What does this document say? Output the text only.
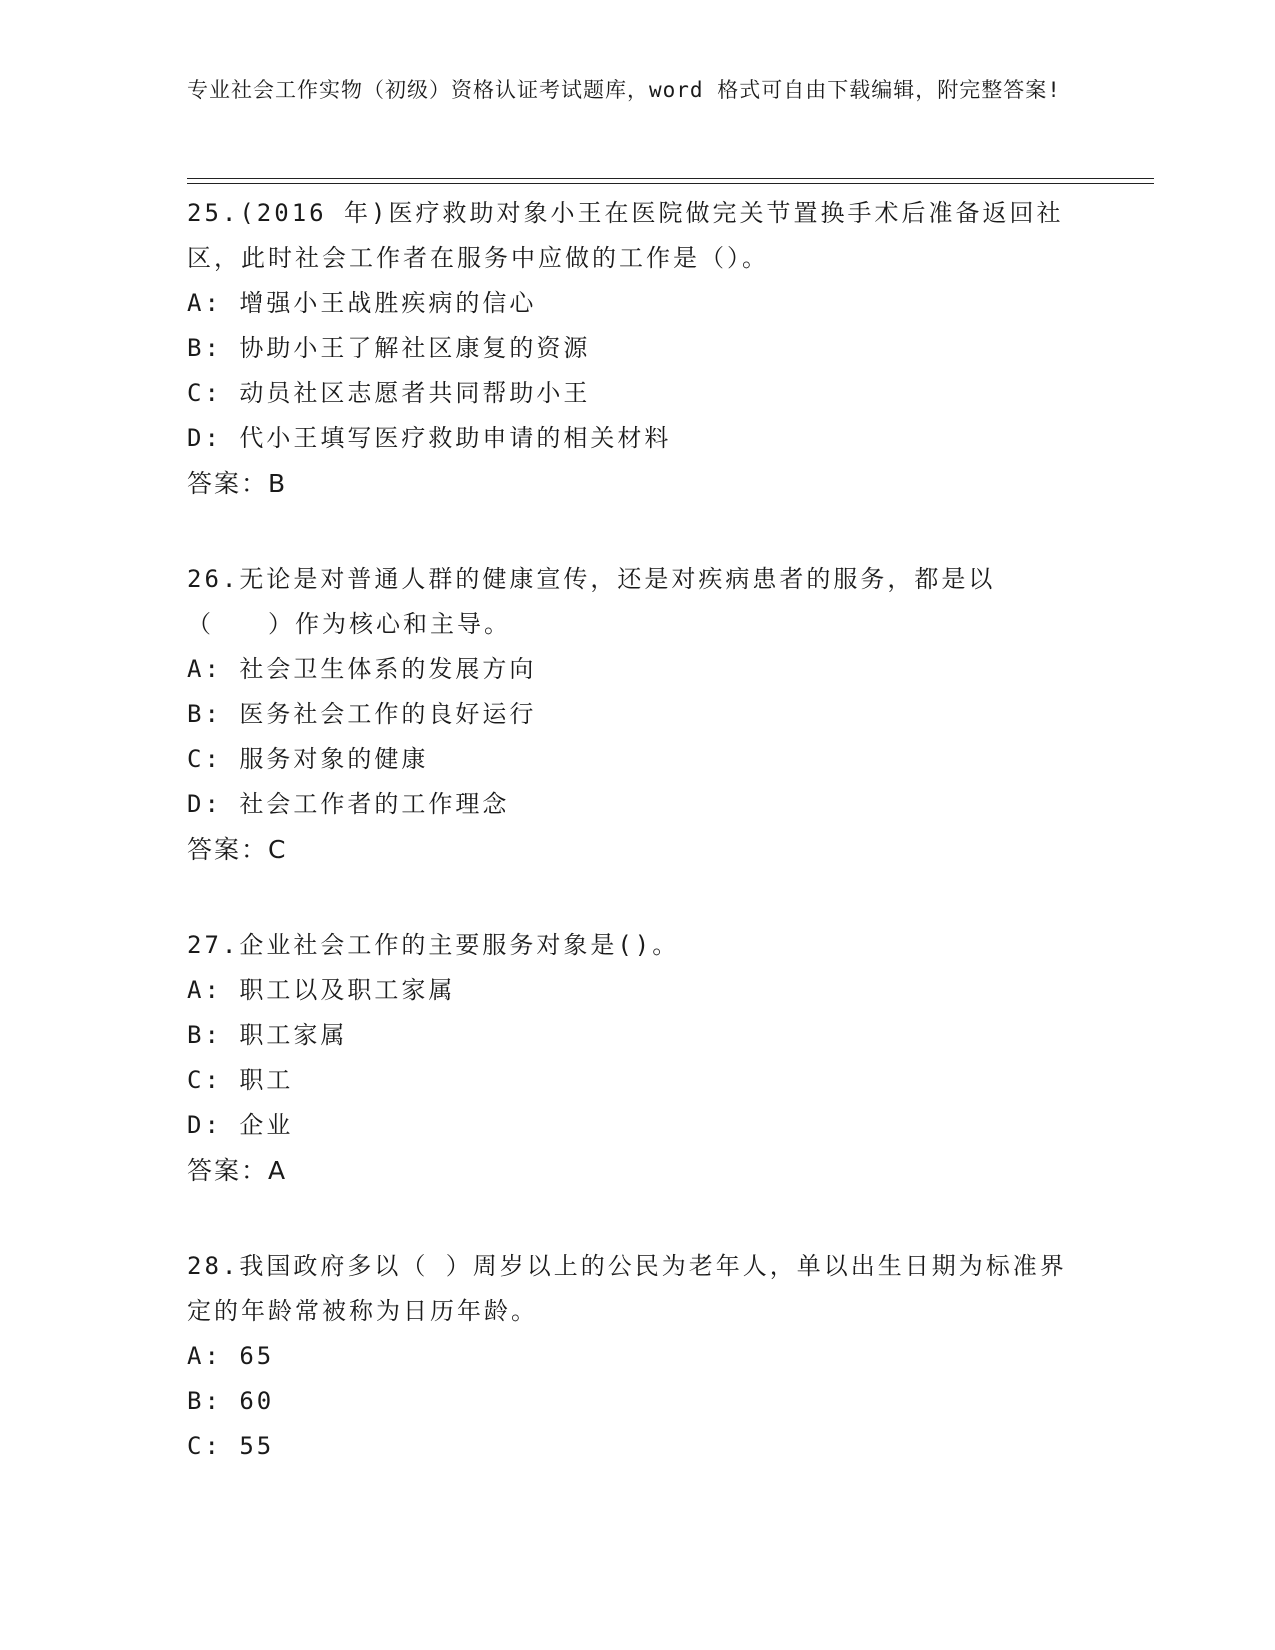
专业社会工作实物（初级）资格认证考试题库，word 格式可自由下载编辑，附完整答案!
25.(2016 年)医疗救助对象小王在医院做完关节置换手术后准备返回社区，此时社会工作者在服务中应做的工作是（）。
A: 增强小王战胜疾病的信心
B: 协助小王了解社区康复的资源
C: 动员社区志愿者共同帮助小王
D: 代小王填写医疗救助申请的相关材料
答案：B
26.无论是对普通人群的健康宣传，还是对疾病患者的服务，都是以（　　）作为核心和主导。
A: 社会卫生体系的发展方向
B: 医务社会工作的良好运行
C: 服务对象的健康
D: 社会工作者的工作理念
答案：C
27.企业社会工作的主要服务对象是()。
A: 职工以及职工家属
B: 职工家属
C: 职工
D: 企业
答案：A
28.我国政府多以（ ）周岁以上的公民为老年人，单以出生日期为标准界定的年龄常被称为日历年龄。
A: 65
B: 60
C: 55
